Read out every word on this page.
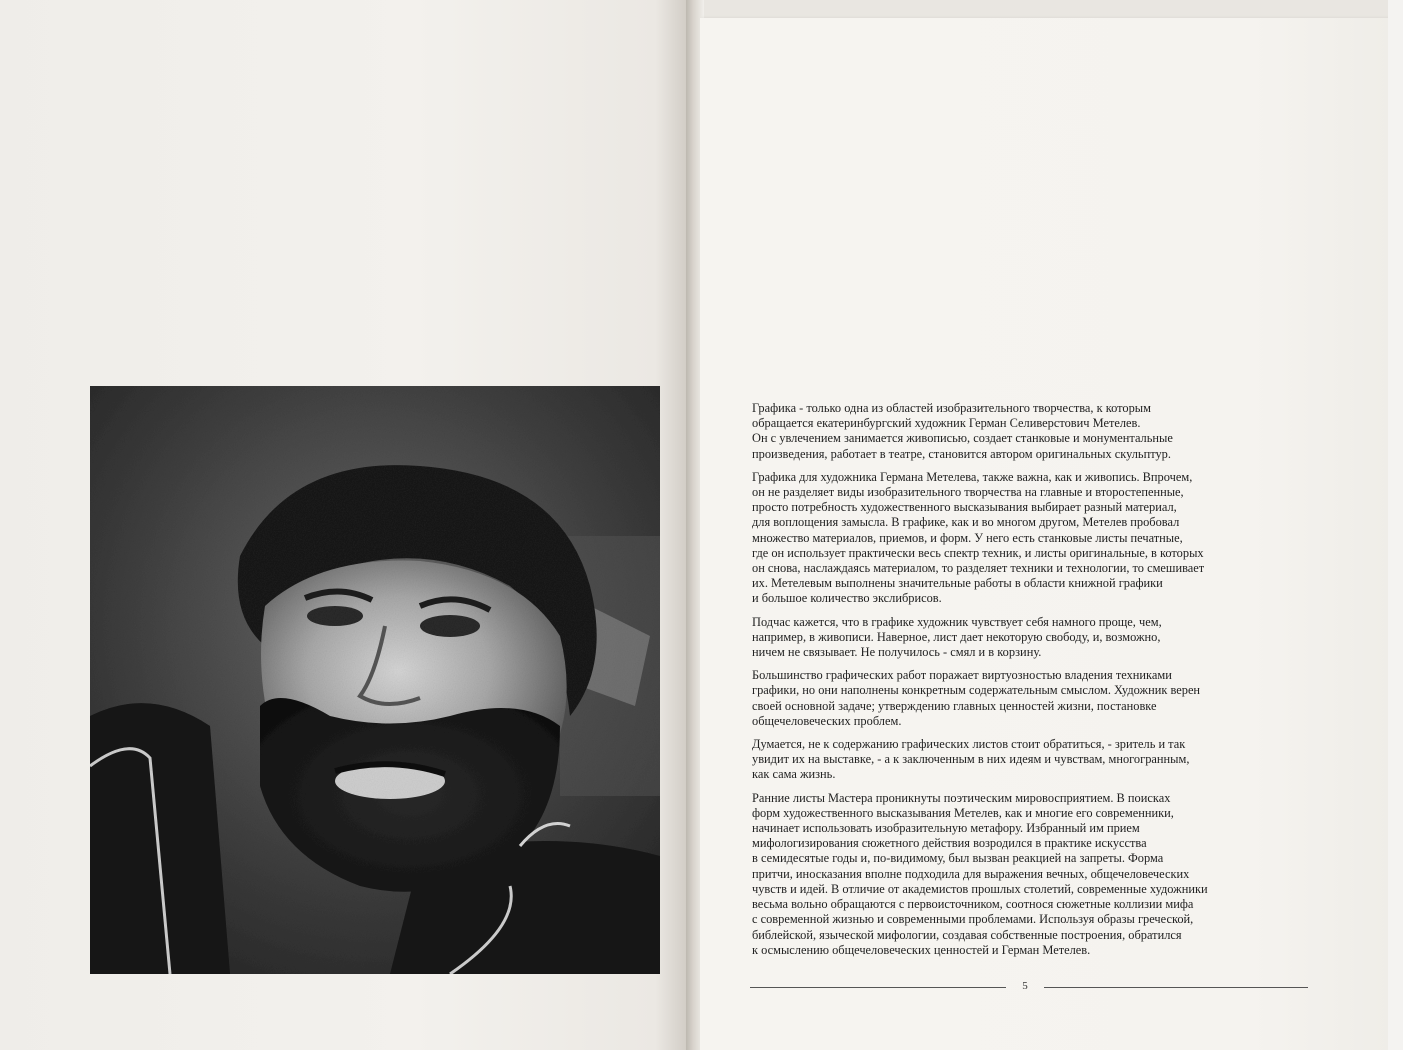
Графика - только одна из областей изобразительного творчества, к которым
обращается екатеринбургский художник Герман Селиверстович Метелев.
Он с увлечением занимается живописью, создает станковые и монументальные
произведения, работает в театре, становится автором оригинальных скульптур.

Графика для художника Германа Метелева, также важна, как и живопись. Впрочем,
он не разделяет виды изобразительного творчества на главные и второстепенные,
просто потребность художественного высказывания выбирает разный материал,
для воплощения замысла. В графике, как и во многом другом, Метелев пробовал
множество материалов, приемов, и форм. У него есть станковые листы печатные,
где он использует практически весь спектр техник, и листы оригинальные, в которых
он снова, наслаждаясь материалом, то разделяет техники и технологии, то смешивает
их. Метелевым выполнены значительные работы в области книжной графики
и большое количество экслибрисов.

Подчас кажется, что в графике художник чувствует себя намного проще, чем,
например, в живописи. Наверное, лист дает некоторую свободу, и, возможно,
ничем не связывает. Не получилось - смял и в корзину.

Большинство графических работ поражает виртуозностью владения техниками
графики, но они наполнены конкретным содержательным смыслом. Художник верен
своей основной задаче; утверждению главных ценностей жизни, постановке
общечеловеческих проблем.

Думается, не к содержанию графических листов стоит обратиться, - зритель и так
увидит их на выставке, - а к заключенным в них идеям и чувствам, многогранным,
как сама жизнь.

Ранние листы Мастера проникнуты поэтическим мировосприятием. В поисках
форм художественного высказывания Метелев, как и многие его современники,
начинает использовать изобразительную метафору. Избранный им прием
мифологизирования сюжетного действия возродился в практике искусства
в семидесятые годы и, по-видимому, был вызван реакцией на запреты. Форма
притчи, иносказания вполне подходила для выражения вечных, общечеловеческих
чувств и идей. В отличие от академистов прошлых столетий, современные художники
весьма вольно обращаются с первоисточником, соотнося сюжетные коллизии мифа
с современной жизнью и современными проблемами. Используя образы греческой,
библейской, языческой мифологии, создавая собственные построения, обратился
к осмыслению общечеловеческих ценностей и Герман Метелев.

5
